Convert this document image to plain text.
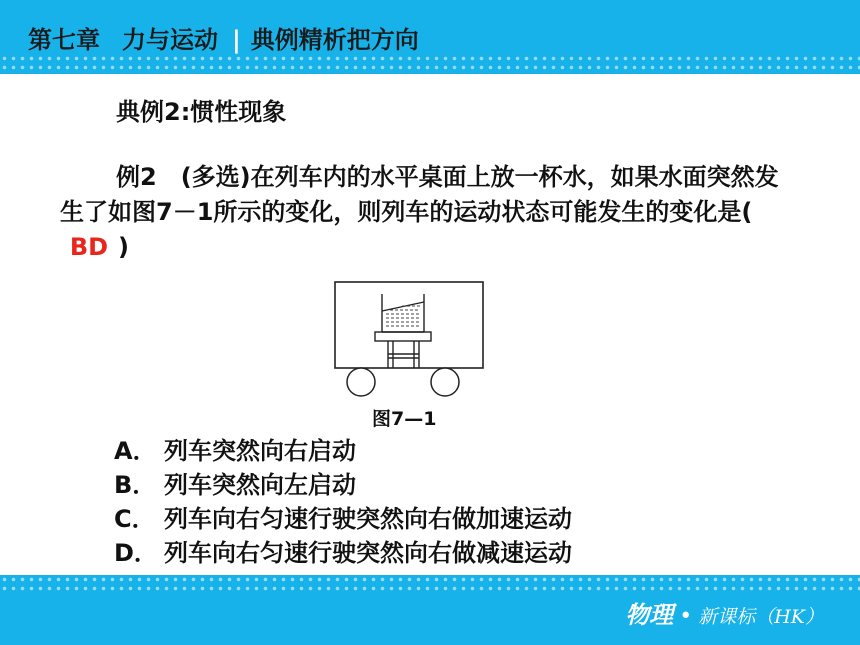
第七章 力与运动 | 典例精析把方向
典例2:惯性现象
例2　(多选)在列车内的水平桌面上放一杯水，如果水面突然发生了如图7－1所示的变化，则列车的运动状态可能发生的变化是(BD )
图7—1
A． 列车突然向右启动
B． 列车突然向左启动
C． 列车向右匀速行驶突然向右做加速运动
D． 列车向右匀速行驶突然向右做减速运动
物理 • 新课标（HK）
